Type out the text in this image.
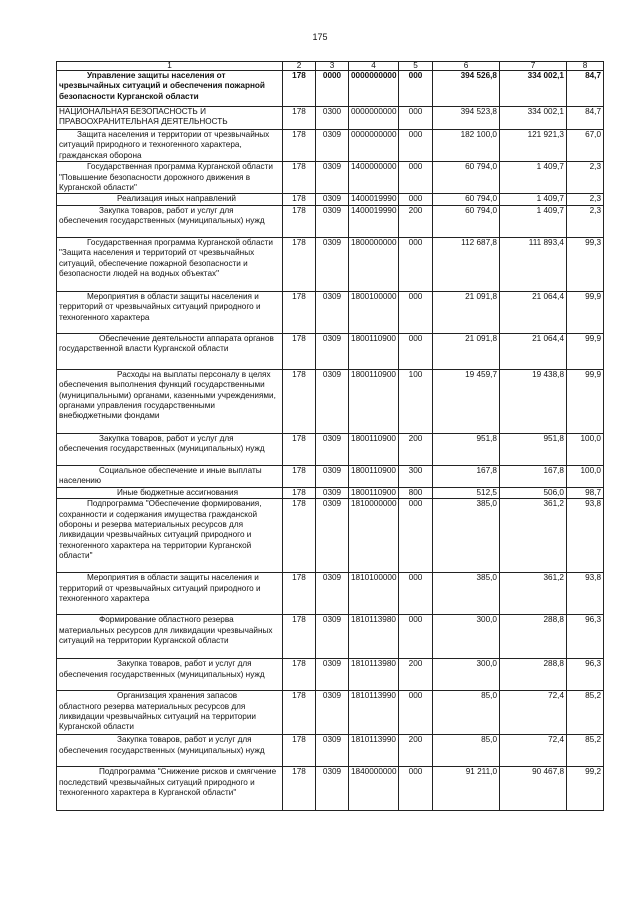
175
1	2	3	4	5	6	7	8
Управление защиты населения от чрезвычайных ситуаций и обеспечения пожарной безопасности Курганской области	178	0000	0000000000	000	394 526,8	334 002,1	84,7
НАЦИОНАЛЬНАЯ БЕЗОПАСНОСТЬ И ПРАВООХРАНИТЕЛЬНАЯ ДЕЯТЕЛЬНОСТЬ	178	0300	0000000000	000	394 523,8	334 002,1	84,7
Защита населения и территории от чрезвычайных ситуаций природного и техногенного характера, гражданская оборона	178	0309	0000000000	000	182 100,0	121 921,3	67,0
Государственная программа Курганской области "Повышение безопасности дорожного движения в Курганской области"	178	0309	1400000000	000	60 794,0	1 409,7	2,3
Реализация иных направлений	178	0309	1400019990	000	60 794,0	1 409,7	2,3
Закупка товаров, работ и услуг для обеспечения государственных (муниципальных) нужд	178	0309	1400019990	200	60 794,0	1 409,7	2,3
Государственная программа Курганской области "Защита населения и территорий от чрезвычайных ситуаций, обеспечение пожарной безопасности и безопасности людей на водных объектах"	178	0309	1800000000	000	112 687,8	111 893,4	99,3
Мероприятия в области защиты населения и территорий от чрезвычайных ситуаций природного и техногенного характера	178	0309	1800100000	000	21 091,8	21 064,4	99,9
Обеспечение деятельности аппарата органов государственной власти Курганской области	178	0309	1800110900	000	21 091,8	21 064,4	99,9
Расходы на выплаты персоналу в целях обеспечения выполнения функций государственными (муниципальными) органами, казенными учреждениями, органами управления государственными внебюджетными фондами	178	0309	1800110900	100	19 459,7	19 438,8	99,9
Закупка товаров, работ и услуг для обеспечения государственных (муниципальных) нужд	178	0309	1800110900	200	951,8	951,8	100,0
Социальное обеспечение и иные выплаты населению	178	0309	1800110900	300	167,8	167,8	100,0
Иные бюджетные ассигнования	178	0309	1800110900	800	512,5	506,0	98,7
Подпрограмма "Обеспечение формирования, сохранности и содержания имущества гражданской обороны и резерва материальных ресурсов для ликвидации чрезвычайных ситуаций природного и техногенного характера на территории Курганской области"	178	0309	1810000000	000	385,0	361,2	93,8
Мероприятия в области защиты населения и территорий от чрезвычайных ситуаций природного и техногенного характера	178	0309	1810100000	000	385,0	361,2	93,8
Формирование областного резерва материальных ресурсов для ликвидации чрезвычайных ситуаций на территории Курганской области	178	0309	1810113980	000	300,0	288,8	96,3
Закупка товаров, работ и услуг для обеспечения государственных (муниципальных) нужд	178	0309	1810113980	200	300,0	288,8	96,3
Организация хранения запасов областного резерва материальных ресурсов для ликвидации чрезвычайных ситуаций на территории Курганской области	178	0309	1810113990	000	85,0	72,4	85,2
Закупка товаров, работ и услуг для обеспечения государственных (муниципальных) нужд	178	0309	1810113990	200	85,0	72,4	85,2
Подпрограмма "Снижение рисков и смягчение последствий чрезвычайных ситуаций природного и техногенного характера в Курганской области"	178	0309	1840000000	000	91 211,0	90 467,8	99,2
